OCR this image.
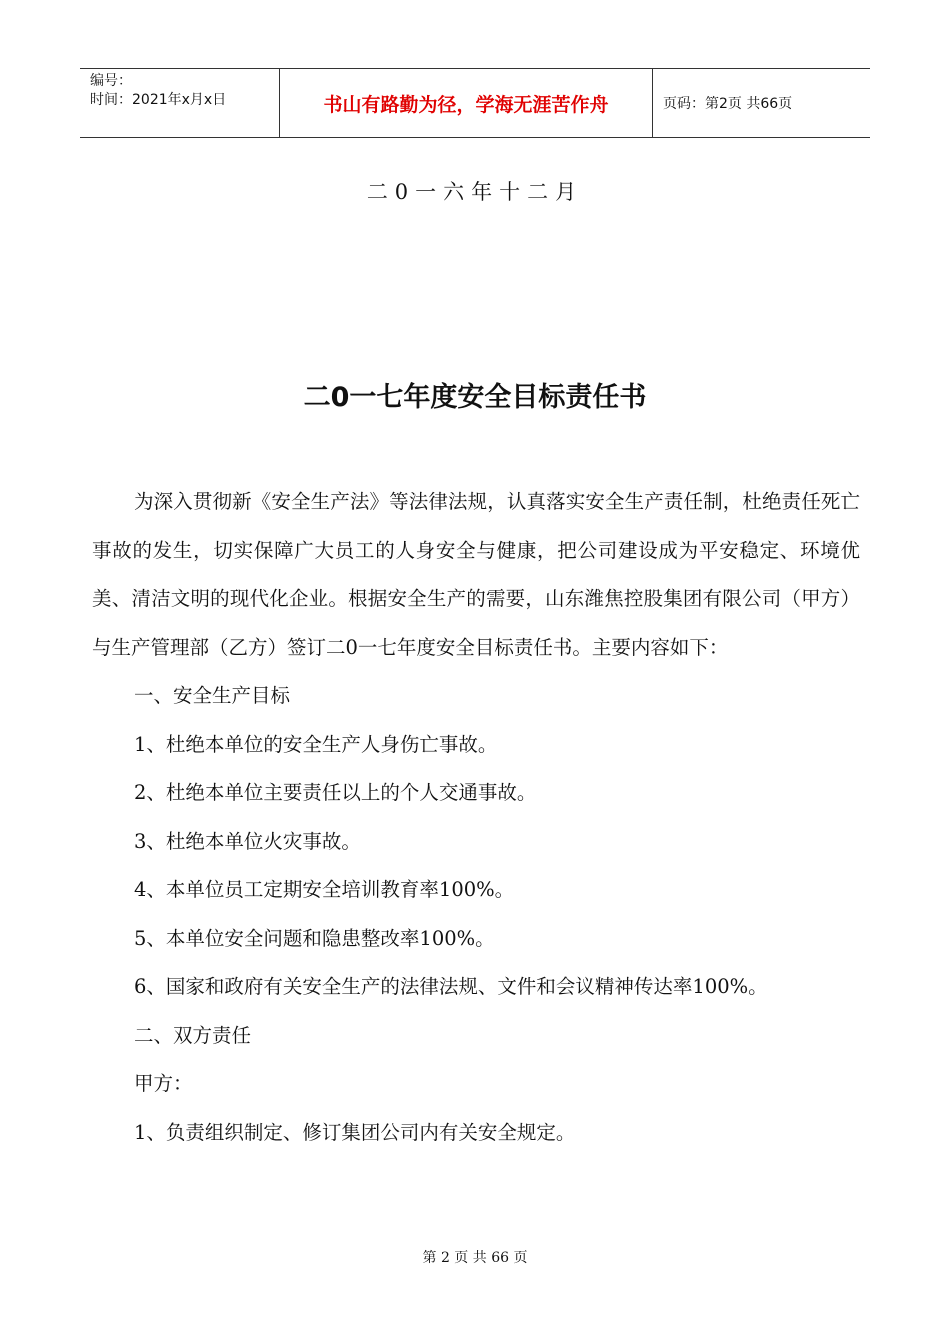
编号：
时间：2021年x月x日	书山有路勤为径，学海无涯苦作舟	页码：第2页 共66页
二0一六年十二月
二0一七年度安全目标责任书

为深入贯彻新《安全生产法》等法律法规，认真落实安全生产责任制，杜绝责任死亡事故的发生，切实保障广大员工的人身安全与健康，把公司建设成为平安稳定、环境优美、清洁文明的现代化企业。根据安全生产的需要，山东潍焦控股集团有限公司（甲方）与生产管理部（乙方）签订二0一七年度安全目标责任书。主要内容如下：

一、安全生产目标

1、杜绝本单位的安全生产人身伤亡事故。

2、杜绝本单位主要责任以上的个人交通事故。

3、杜绝本单位火灾事故。

4、本单位员工定期安全培训教育率100%。

5、本单位安全问题和隐患整改率100%。

6、国家和政府有关安全生产的法律法规、文件和会议精神传达率100%。

二、双方责任

甲方：

1、负责组织制定、修订集团公司内有关安全规定。

第 2 页 共 66 页
